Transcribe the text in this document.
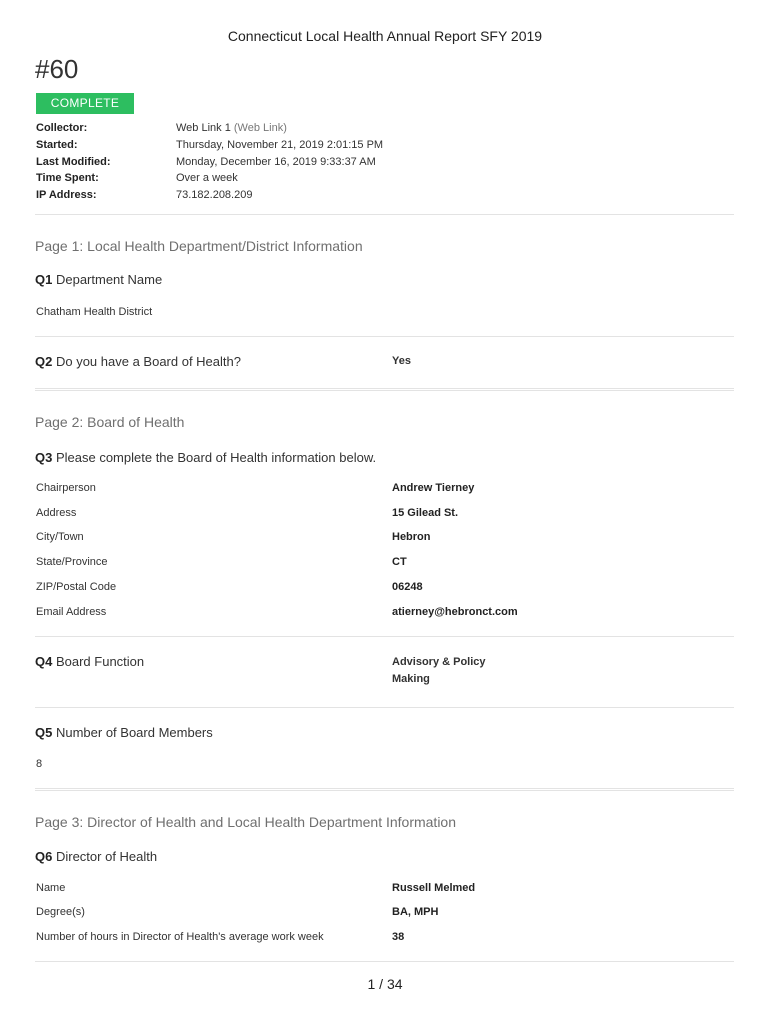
Connecticut Local Health Annual Report SFY 2019
#60
COMPLETE
Collector:	Web Link 1 (Web Link)
Started:	Thursday, November 21, 2019 2:01:15 PM
Last Modified:	Monday, December 16, 2019 9:33:37 AM
Time Spent:	Over a week
IP Address:	73.182.208.209
Page 1: Local Health Department/District Information
Q1 Department Name
Chatham Health District
Q2 Do you have a Board of Health?	Yes
Page 2: Board of Health
Q3 Please complete the Board of Health information below.
Chairperson	Andrew Tierney
Address	15 Gilead St.
City/Town	Hebron
State/Province	CT
ZIP/Postal Code	06248
Email Address	atierney@hebronct.com
Q4 Board Function	Advisory & Policy
Making
Q5 Number of Board Members
8
Page 3: Director of Health and Local Health Department Information
Q6 Director of Health
Name	Russell Melmed
Degree(s)	BA, MPH
Number of hours in Director of Health's average work week	38
1 / 34
